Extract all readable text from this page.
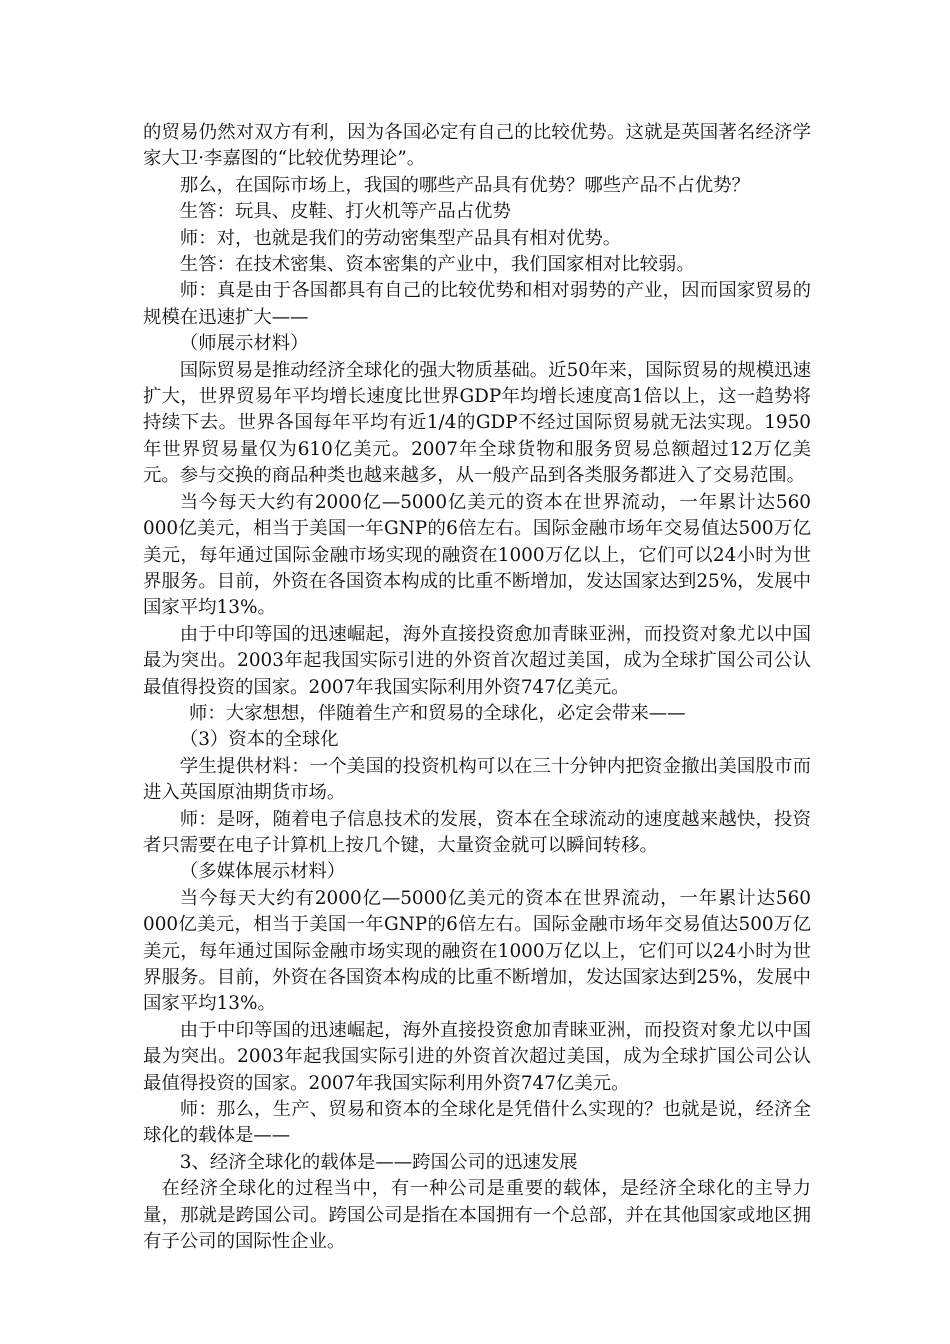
的贸易仍然对双方有利，因为各国必定有自己的比较优势。这就是英国著名经济学家大卫·李嘉图的“比较优势理论”。

那么，在国际市场上，我国的哪些产品具有优势？哪些产品不占优势？

生答：玩具、皮鞋、打火机等产品占优势

师：对，也就是我们的劳动密集型产品具有相对优势。

生答：在技术密集、资本密集的产业中，我们国家相对比较弱。

师：真是由于各国都具有自己的比较优势和相对弱势的产业，因而国家贸易的规模在迅速扩大——

（师展示材料）

国际贸易是推动经济全球化的强大物质基础。近50年来，国际贸易的规模迅速扩大，世界贸易年平均增长速度比世界GDP年均增长速度高1倍以上，这一趋势将持续下去。世界各国每年平均有近1/4的GDP不经过国际贸易就无法实现。1950年世界贸易量仅为610亿美元。2007年全球货物和服务贸易总额超过12万亿美元。参与交换的商品种类也越来越多，从一般产品到各类服务都进入了交易范围。

当今每天大约有2000亿—5000亿美元的资本在世界流动，一年累计达560 000亿美元，相当于美国一年GNP的6倍左右。国际金融市场年交易值达500万亿美元，每年通过国际金融市场实现的融资在1000万亿以上，它们可以24小时为世界服务。目前，外资在各国资本构成的比重不断增加，发达国家达到25%，发展中国家平均13%。

由于中印等国的迅速崛起，海外直接投资愈加青睐亚洲，而投资对象尤以中国最为突出。2003年起我国实际引进的外资首次超过美国，成为全球扩国公司公认最值得投资的国家。2007年我国实际利用外资747亿美元。

师：大家想想，伴随着生产和贸易的全球化，必定会带来——

（3）资本的全球化

学生提供材料：一个美国的投资机构可以在三十分钟内把资金撤出美国股市而进入英国原油期货市场。

师：是呀，随着电子信息技术的发展，资本在全球流动的速度越来越快，投资者只需要在电子计算机上按几个键，大量资金就可以瞬间转移。

（多媒体展示材料）

当今每天大约有2000亿—5000亿美元的资本在世界流动，一年累计达560 000亿美元，相当于美国一年GNP的6倍左右。国际金融市场年交易值达500万亿美元，每年通过国际金融市场实现的融资在1000万亿以上，它们可以24小时为世界服务。目前，外资在各国资本构成的比重不断增加，发达国家达到25%，发展中国家平均13%。

由于中印等国的迅速崛起，海外直接投资愈加青睐亚洲，而投资对象尤以中国最为突出。2003年起我国实际引进的外资首次超过美国，成为全球扩国公司公认最值得投资的国家。2007年我国实际利用外资747亿美元。

师：那么，生产、贸易和资本的全球化是凭借什么实现的？也就是说，经济全球化的载体是——

3、经济全球化的载体是——跨国公司的迅速发展

在经济全球化的过程当中，有一种公司是重要的载体，是经济全球化的主导力量，那就是跨国公司。跨国公司是指在本国拥有一个总部，并在其他国家或地区拥有子公司的国际性企业。
